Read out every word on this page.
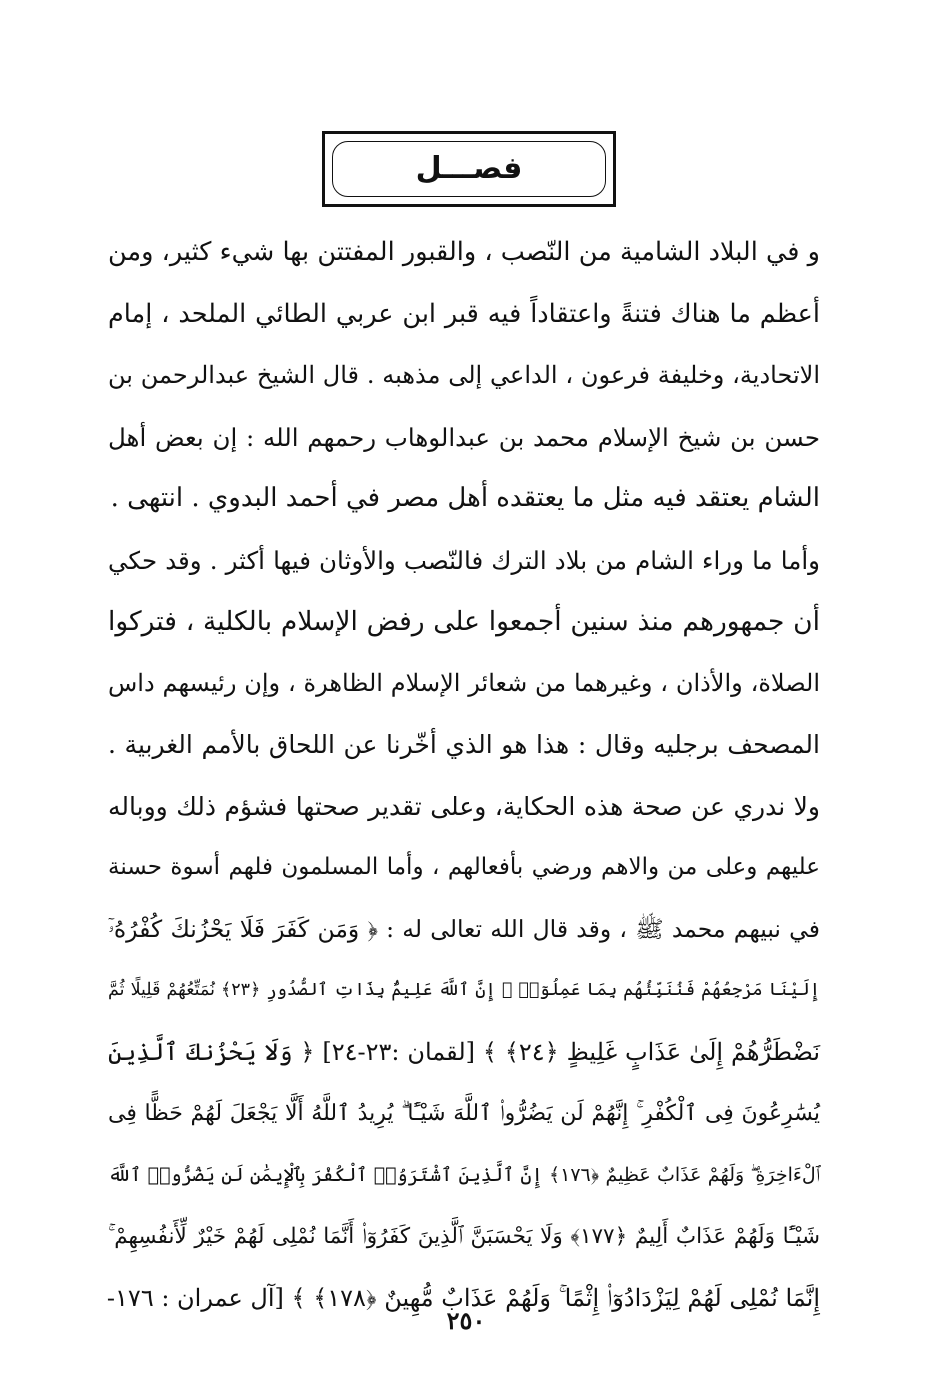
فصـــل
و في البلاد الشامية من النّصب ، والقبور المفتتن بها شيء كثير، ومن
أعظم ما هناك فتنةً واعتقاداً فيه قبر ابن عربي الطائي الملحد ، إمام
الاتحادية، وخليفة فرعون ، الداعي إلى مذهبه . قال الشيخ عبدالرحمن بن
حسن بن شيخ الإسلام محمد بن عبدالوهاب رحمهم الله : إن بعض أهل
الشام يعتقد فيه مثل ما يعتقده أهل مصر في أحمد البدوي . انتهى .
وأما ما وراء الشام من بلاد الترك فالنّصب والأوثان فيها أكثر . وقد حكي
أن جمهورهم منذ سنين أجمعوا على رفض الإسلام بالكلية ، فتركوا
الصلاة، والأذان ، وغيرهما من شعائر الإسلام الظاهرة ، وإن رئيسهم داس
المصحف برجليه وقال : هذا هو الذي أخّرنا عن اللحاق بالأمم الغربية .
ولا ندري عن صحة هذه الحكاية، وعلى تقدير صحتها فشؤم ذلك ووباله
عليهم وعلى من والاهم ورضي بأفعالهم ، وأما المسلمون فلهم أسوة حسنة
في نبيهم محمد ﷺ ، وقد قال الله تعالى له : ﴿ وَمَن كَفَرَ فَلَا يَحْزُنكَ كُفْرُهُۥٓ
إِلَيْنَا مَرْجِعُهُمْ فَنُنَبِّئُهُم بِمَا عَمِلُوٓا۟ ۚ إِنَّ ٱللَّهَ عَلِيمٌۢ بِذَاتِ ٱلصُّدُورِ ﴿٢٣﴾ نُمَتِّعُهُمْ قَلِيلًا ثُمَّ
نَضْطَرُّهُمْ إِلَىٰ عَذَابٍ غَلِيظٍ ﴿٢٤﴾ ﴾ [لقمان :٢٣-٢٤] ﴿ وَلَا يَحْزُنكَ ٱلَّذِينَ
يُسَٰرِعُونَ فِى ٱلْكُفْرِ ۚ إِنَّهُمْ لَن يَضُرُّوا۟ ٱللَّهَ شَيْـًٔا ۗ يُرِيدُ ٱللَّهُ أَلَّا يَجْعَلَ لَهُمْ حَظًّا فِى
ٱلْءَاخِرَةِ ۖ وَلَهُمْ عَذَابٌ عَظِيمٌ ﴿١٧٦﴾ إِنَّ ٱلَّذِينَ ٱشْتَرَوُا۟ ٱلْكُفْرَ بِٱلْإِيمَٰنِ لَن يَضُرُّوا۟ ٱللَّهَ
شَيْـًٔا وَلَهُمْ عَذَابٌ أَلِيمٌ ﴿١٧٧﴾ وَلَا يَحْسَبَنَّ ٱلَّذِينَ كَفَرُوٓا۟ أَنَّمَا نُمْلِى لَهُمْ خَيْرٌ لِّأَنفُسِهِمْ ۚ
إِنَّمَا نُمْلِى لَهُمْ لِيَزْدَادُوٓا۟ إِثْمًا ۚ وَلَهُمْ عَذَابٌ مُّهِينٌ ﴿١٧٨﴾ ﴾ [آل عمران : ١٧٦-
٢٥٠
